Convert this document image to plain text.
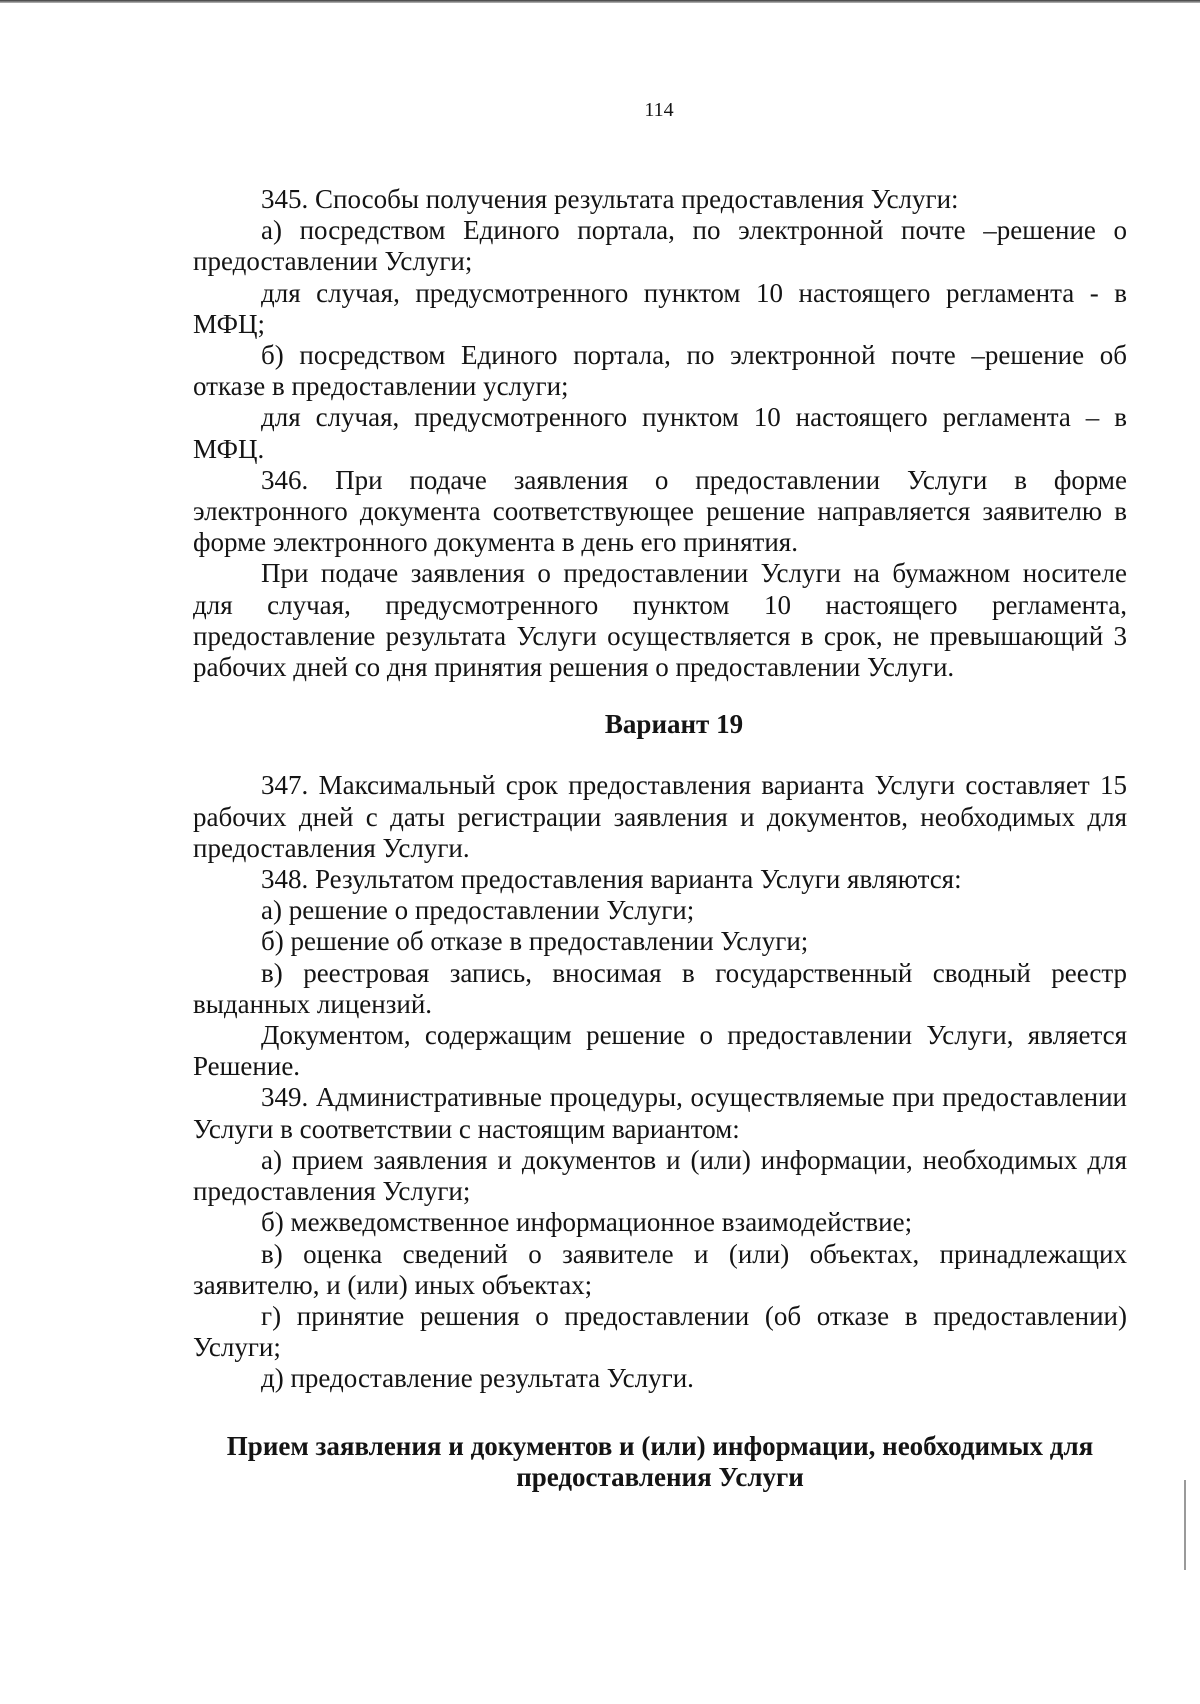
114

345. Способы получения результата предоставления Услуги:

а) посредством Единого портала, по электронной почте –решение о предоставлении Услуги;

для случая, предусмотренного пунктом 10 настоящего регламента - в МФЦ;

б) посредством Единого портала, по электронной почте –решение об отказе в предоставлении услуги;

для случая, предусмотренного пунктом 10 настоящего регламента – в МФЦ.

346. При подаче заявления о предоставлении Услуги в форме электронного документа соответствующее решение направляется заявителю в форме электронного документа в день его принятия.

При подаче заявления о предоставлении Услуги на бумажном носителе для случая, предусмотренного пунктом 10 настоящего регламента, предоставление результата Услуги осуществляется в срок, не превышающий 3 рабочих дней со дня принятия решения о предоставлении Услуги.

Вариант 19

347. Максимальный срок предоставления варианта Услуги составляет 15 рабочих дней с даты регистрации заявления и документов, необходимых для предоставления Услуги.

348. Результатом предоставления варианта Услуги являются:

а) решение о предоставлении Услуги;

б) решение об отказе в предоставлении Услуги;

в) реестровая запись, вносимая в государственный сводный реестр выданных лицензий.

Документом, содержащим решение о предоставлении Услуги, является Решение.

349. Административные процедуры, осуществляемые при предоставлении Услуги в соответствии с настоящим вариантом:

а) прием заявления и документов и (или) информации, необходимых для предоставления Услуги;

б) межведомственное информационное взаимодействие;

в) оценка сведений о заявителе и (или) объектах, принадлежащих заявителю, и (или) иных объектах;

г) принятие решения о предоставлении (об отказе в предоставлении) Услуги;

д) предоставление результата Услуги.

Прием заявления и документов и (или) информации, необходимых для предоставления Услуги
